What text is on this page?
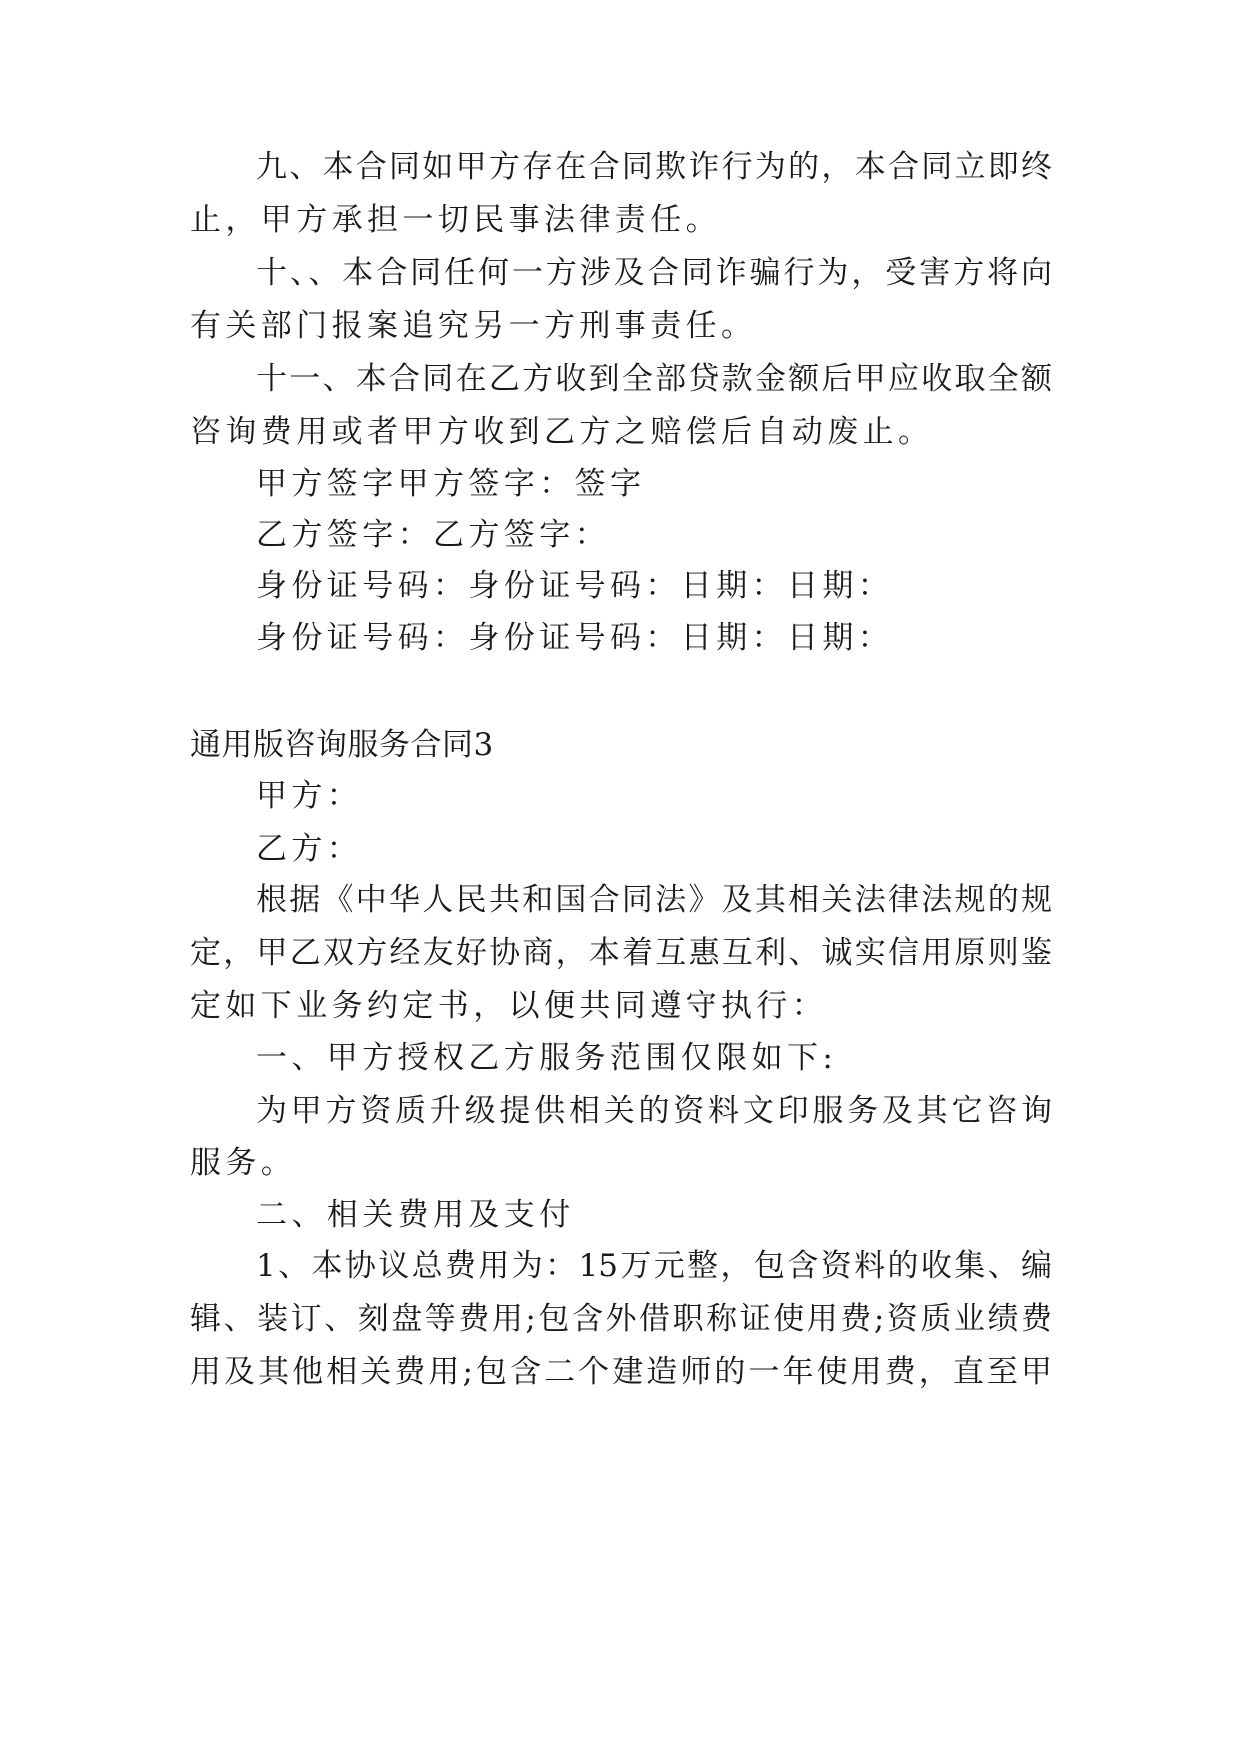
九、本合同如甲方存在合同欺诈行为的，本合同立即终
止，甲方承担一切民事法律责任。
十、、本合同任何一方涉及合同诈骗行为，受害方将向
有关部门报案追究另一方刑事责任。
十一、本合同在乙方收到全部贷款金额后甲应收取全额
咨询费用或者甲方收到乙方之赔偿后自动废止。
甲方签字甲方签字：签字
乙方签字：乙方签字：
身份证号码：身份证号码：日期：日期：
身份证号码：身份证号码：日期：日期：
通用版咨询服务合同3
甲方：
乙方：
根据《中华人民共和国合同法》及其相关法律法规的规
定，甲乙双方经友好协商，本着互惠互利、诚实信用原则鉴
定如下业务约定书，以便共同遵守执行：
一、甲方授权乙方服务范围仅限如下:
为甲方资质升级提供相关的资料文印服务及其它咨询
服务。
二、相关费用及支付
1、本协议总费用为：15万元整，包含资料的收集、编
辑、装订、刻盘等费用;包含外借职称证使用费;资质业绩费
用及其他相关费用;包含二个建造师的一年使用费，直至甲
